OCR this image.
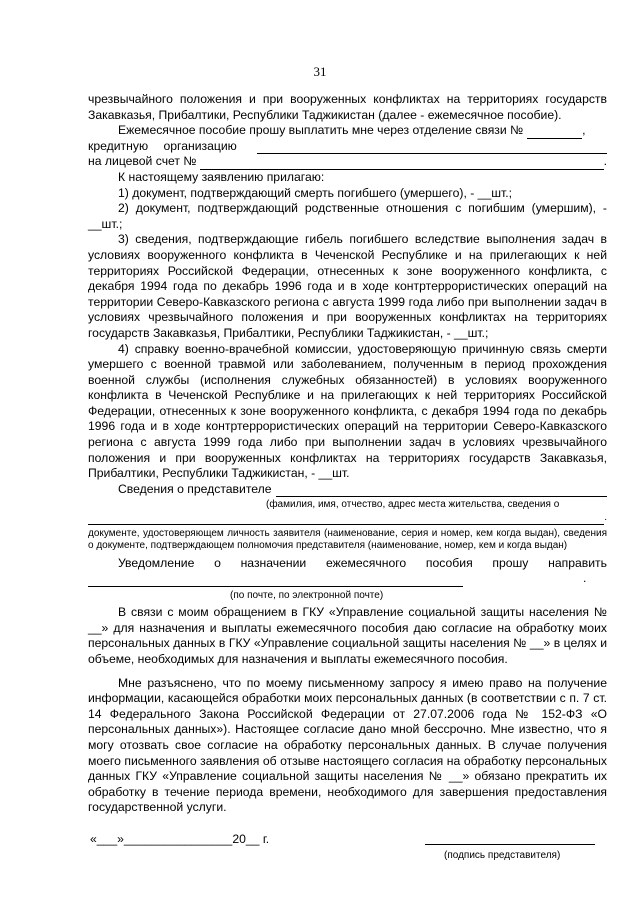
31

чрезвычайного положения и при вооруженных конфликтах на территориях государств Закавказья, Прибалтики, Республики Таджикистан (далее - ежемесячное пособие).

Ежемесячное пособие прошу выплатить мне через отделение связи №	,
кредитную организацию
на лицевой счет №	.

К настоящему заявлению прилагаю:

1) документ, подтверждающий смерть погибшего (умершего), - __шт.;

2) документ, подтверждающий родственные отношения с погибшим (умершим), - __шт.;

3) сведения, подтверждающие гибель погибшего вследствие выполнения задач в условиях вооруженного конфликта в Чеченской Республике и на прилегающих к ней территориях Российской Федерации, отнесенных к зоне вооруженного конфликта, с декабря 1994 года по декабрь 1996 года и в ходе контртеррористических операций на территории Северо-Кавказского региона с августа 1999 года либо при выполнении задач в условиях чрезвычайного положения и при вооруженных конфликтах на территориях государств Закавказья, Прибалтики, Республики Таджикистан, - __шт.;

4) справку военно-врачебной комиссии, удостоверяющую причинную связь смерти умершего с военной травмой или заболеванием, полученным в период прохождения военной службы (исполнения служебных обязанностей) в условиях вооруженного конфликта в Чеченской Республике и на прилегающих к ней территориях Российской Федерации, отнесенных к зоне вооруженного конфликта, с декабря 1994 года по декабрь 1996 года и в ходе контртеррористических операций на территории Северо-Кавказского региона с августа 1999 года либо при выполнении задач в условиях чрезвычайного положения и при вооруженных конфликтах на территориях государств Закавказья, Прибалтики, Республики Таджикистан, - __шт.

Сведения о представителе
(фамилия, имя, отчество, адрес места жительства, сведения о
.

документе, удостоверяющем личность заявителя (наименование, серия и номер, кем когда выдан), сведения о документе, подтверждающем полномочия представителя (наименование, номер, кем и когда выдан)

Уведомление о назначении ежемесячного пособия прошу направить
.
(по почте, по электронной почте)

В связи с моим обращением в ГКУ «Управление социальной защиты населения № __» для назначения и выплаты ежемесячного пособия даю согласие на обработку моих персональных данных в ГКУ «Управление социальной защиты населения № __» в целях и объеме, необходимых для назначения и выплаты ежемесячного пособия.

Мне разъяснено, что по моему письменному запросу я имею право на получение информации, касающейся обработки моих персональных данных (в соответствии с п. 7 ст. 14 Федерального Закона Российской Федерации от 27.07.2006 года № 152-ФЗ «О персональных данных»). Настоящее согласие дано мной бессрочно. Мне известно, что я могу отозвать свое согласие на обработку персональных данных. В случае получения моего письменного заявления об отзыве настоящего согласия на обработку персональных данных ГКУ «Управление социальной защиты населения № __» обязано прекратить их обработку в течение периода времени, необходимого для завершения предоставления государственной услуги.

«___»________________20__ г.
(подпись представителя)
